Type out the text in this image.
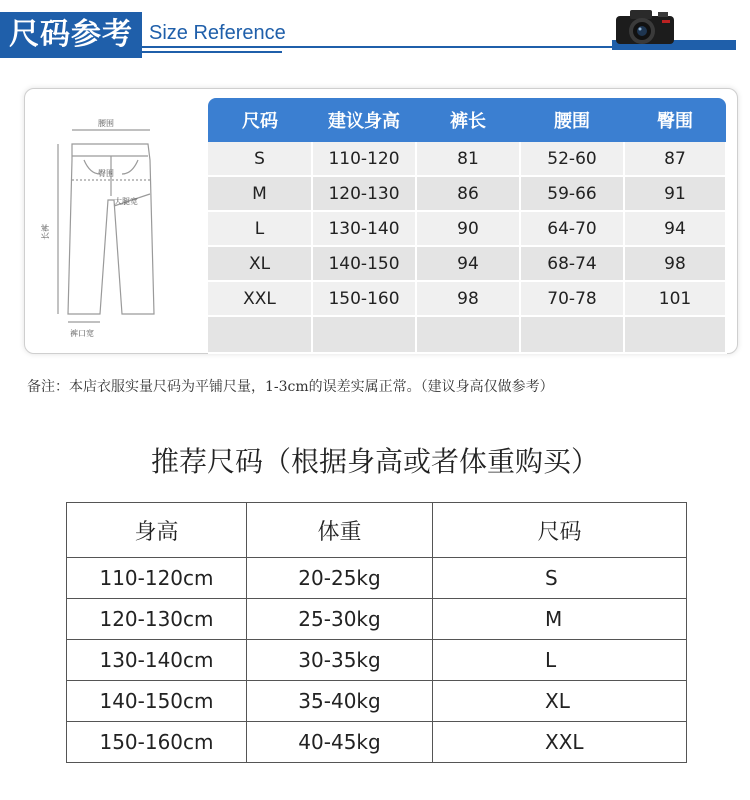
尺码参考 Size Reference
腰围
臀围
大腿宽
长裤
裤口宽
尺码	建议身高	裤长	腰围	臀围
S	110-120	81	52-60	87
M	120-130	86	59-66	91
L	130-140	90	64-70	94
XL	140-150	94	68-74	98
XXL	150-160	98	70-78	101

备注：本店衣服实量尺码为平铺尺量，1-3cm的误差实属正常。（建议身高仅做参考）
推荐尺码（根据身高或者体重购买）
身高	体重	尺码
110-120cm	20-25kg	S
120-130cm	25-30kg	M
130-140cm	30-35kg	L
140-150cm	35-40kg	XL
150-160cm	40-45kg	XXL
